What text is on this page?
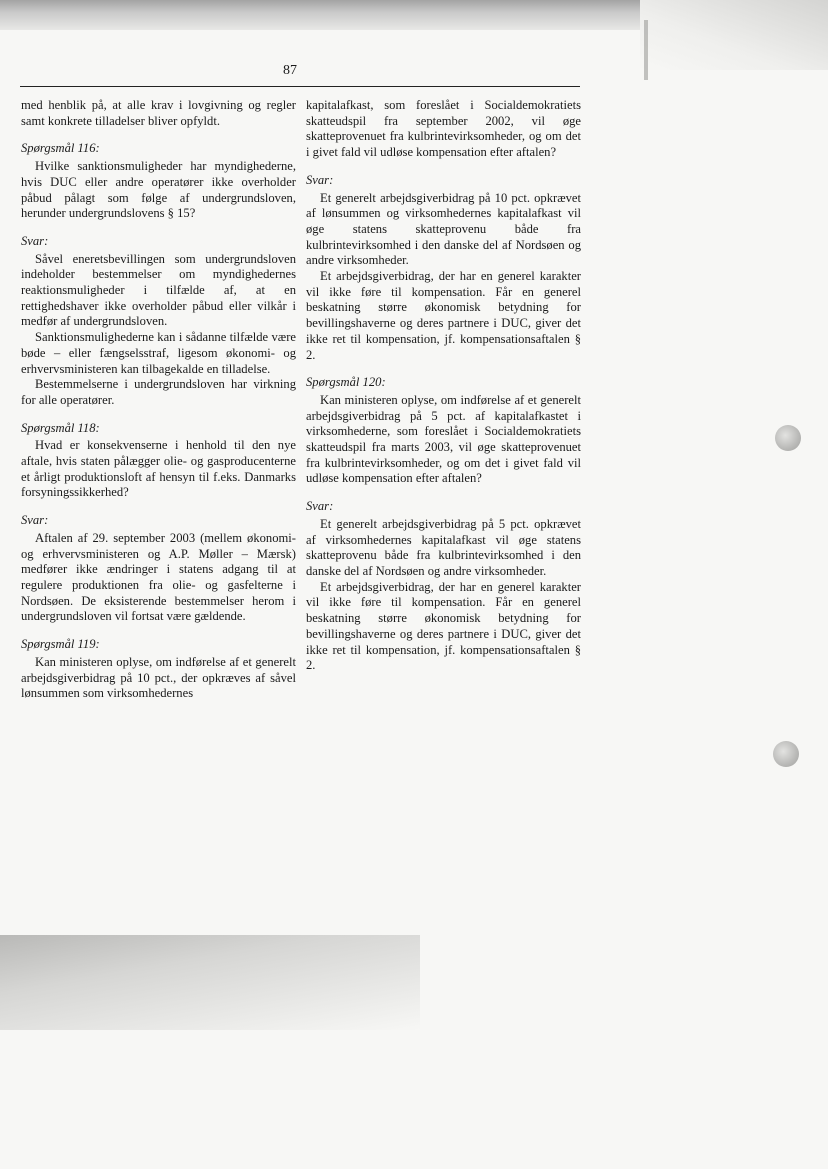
87

med henblik på, at alle krav i lovgivning og regler samt konkrete tilladelser bliver opfyldt.

Spørgsmål 116:

Hvilke sanktionsmuligheder har myndighederne, hvis DUC eller andre operatører ikke overholder påbud pålagt som følge af undergrundsloven, herunder undergrundslovens § 15?

Svar:

Såvel eneretsbevillingen som undergrundsloven indeholder bestemmelser om myndighedernes reaktionsmuligheder i tilfælde af, at en rettighedshaver ikke overholder påbud eller vilkår i medfør af undergrundsloven.

Sanktionsmulighederne kan i sådanne tilfælde være bøde – eller fængselsstraf, ligesom økonomi- og erhvervsministeren kan tilbagekalde en tilladelse.

Bestemmelserne i undergrundsloven har virkning for alle operatører.

Spørgsmål 118:

Hvad er konsekvenserne i henhold til den nye aftale, hvis staten pålægger olie- og gasproducenterne et årligt produktionsloft af hensyn til f.eks. Danmarks forsyningssikkerhed?

Svar:

Aftalen af 29. september 2003 (mellem økonomi- og erhvervsministeren og A.P. Møller – Mærsk) medfører ikke ændringer i statens adgang til at regulere produktionen fra olie- og gasfelterne i Nordsøen. De eksisterende bestemmelser herom i undergrundsloven vil fortsat være gældende.

Spørgsmål 119:

Kan ministeren oplyse, om indførelse af et generelt arbejdsgiverbidrag på 10 pct., der opkræves af såvel lønsummen som virksomhedernes

kapitalafkast, som foreslået i Socialdemokratiets skatteudspil fra september 2002, vil øge skatteprovenuet fra kulbrintevirksomheder, og om det i givet fald vil udløse kompensation efter aftalen?

Svar:

Et generelt arbejdsgiverbidrag på 10 pct. opkrævet af lønsummen og virksomhedernes kapitalafkast vil øge statens skatteprovenu både fra kulbrintevirksomhed i den danske del af Nordsøen og andre virksomheder.

Et arbejdsgiverbidrag, der har en generel karakter vil ikke føre til kompensation. Får en generel beskatning større økonomisk betydning for bevillingshaverne og deres partnere i DUC, giver det ikke ret til kompensation, jf. kompensationsaftalen § 2.

Spørgsmål 120:

Kan ministeren oplyse, om indførelse af et generelt arbejdsgiverbidrag på 5 pct. af kapitalafkastet i virksomhederne, som foreslået i Socialdemokratiets skatteudspil fra marts 2003, vil øge skatteprovenuet fra kulbrintevirksomheder, og om det i givet fald vil udløse kompensation efter aftalen?

Svar:

Et generelt arbejdsgiverbidrag på 5 pct. opkrævet af virksomhedernes kapitalafkast vil øge statens skatteprovenu både fra kulbrintevirksomhed i den danske del af Nordsøen og andre virksomheder.

Et arbejdsgiverbidrag, der har en generel karakter vil ikke føre til kompensation. Får en generel beskatning større økonomisk betydning for bevillingshaverne og deres partnere i DUC, giver det ikke ret til kompensation, jf. kompensationsaftalen § 2.
